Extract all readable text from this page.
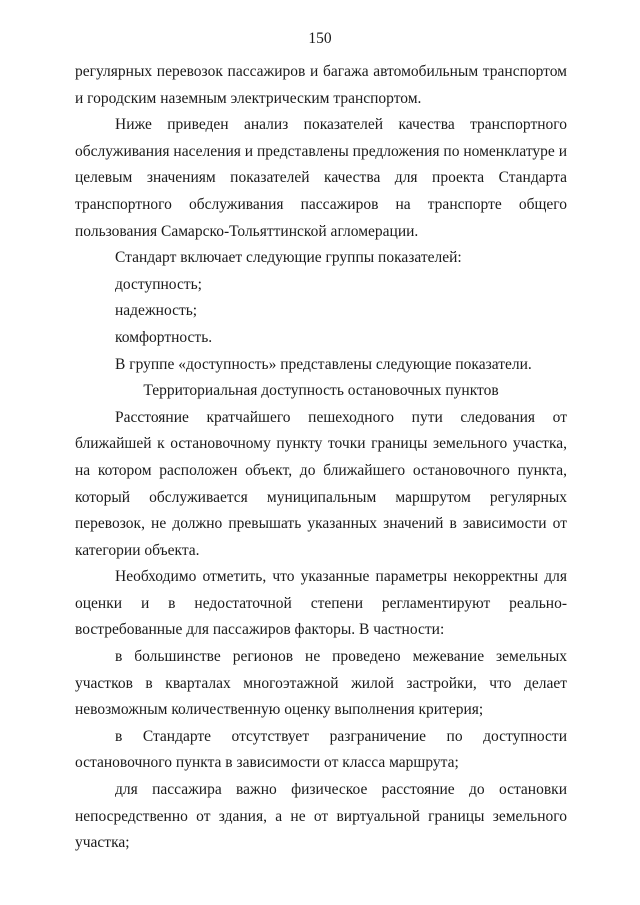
150

регулярных перевозок пассажиров и багажа автомобильным транспортом и городским наземным электрическим транспортом.

Ниже приведен анализ показателей качества транспортного обслуживания населения и представлены предложения по номенклатуре и целевым значениям показателей качества для проекта Стандарта транспортного обслуживания пассажиров на транспорте общего пользования Самарско-Тольяттинской агломерации.

Стандарт включает следующие группы показателей:

доступность;

надежность;

комфортность.

В группе «доступность» представлены следующие показатели.

Территориальная доступность остановочных пунктов

Расстояние кратчайшего пешеходного пути следования от ближайшей к остановочному пункту точки границы земельного участка, на котором расположен объект, до ближайшего остановочного пункта, который обслуживается муниципальным маршрутом регулярных перевозок, не должно превышать указанных значений в зависимости от категории объекта.

Необходимо отметить, что указанные параметры некорректны для оценки и в недостаточной степени регламентируют реально-востребованные для пассажиров факторы. В частности:

в большинстве регионов не проведено межевание земельных участков в кварталах многоэтажной жилой застройки, что делает невозможным количественную оценку выполнения критерия;

в Стандарте отсутствует разграничение по доступности остановочного пункта в зависимости от класса маршрута;

для пассажира важно физическое расстояние до остановки непосредственно от здания, а не от виртуальной границы земельного участка;
